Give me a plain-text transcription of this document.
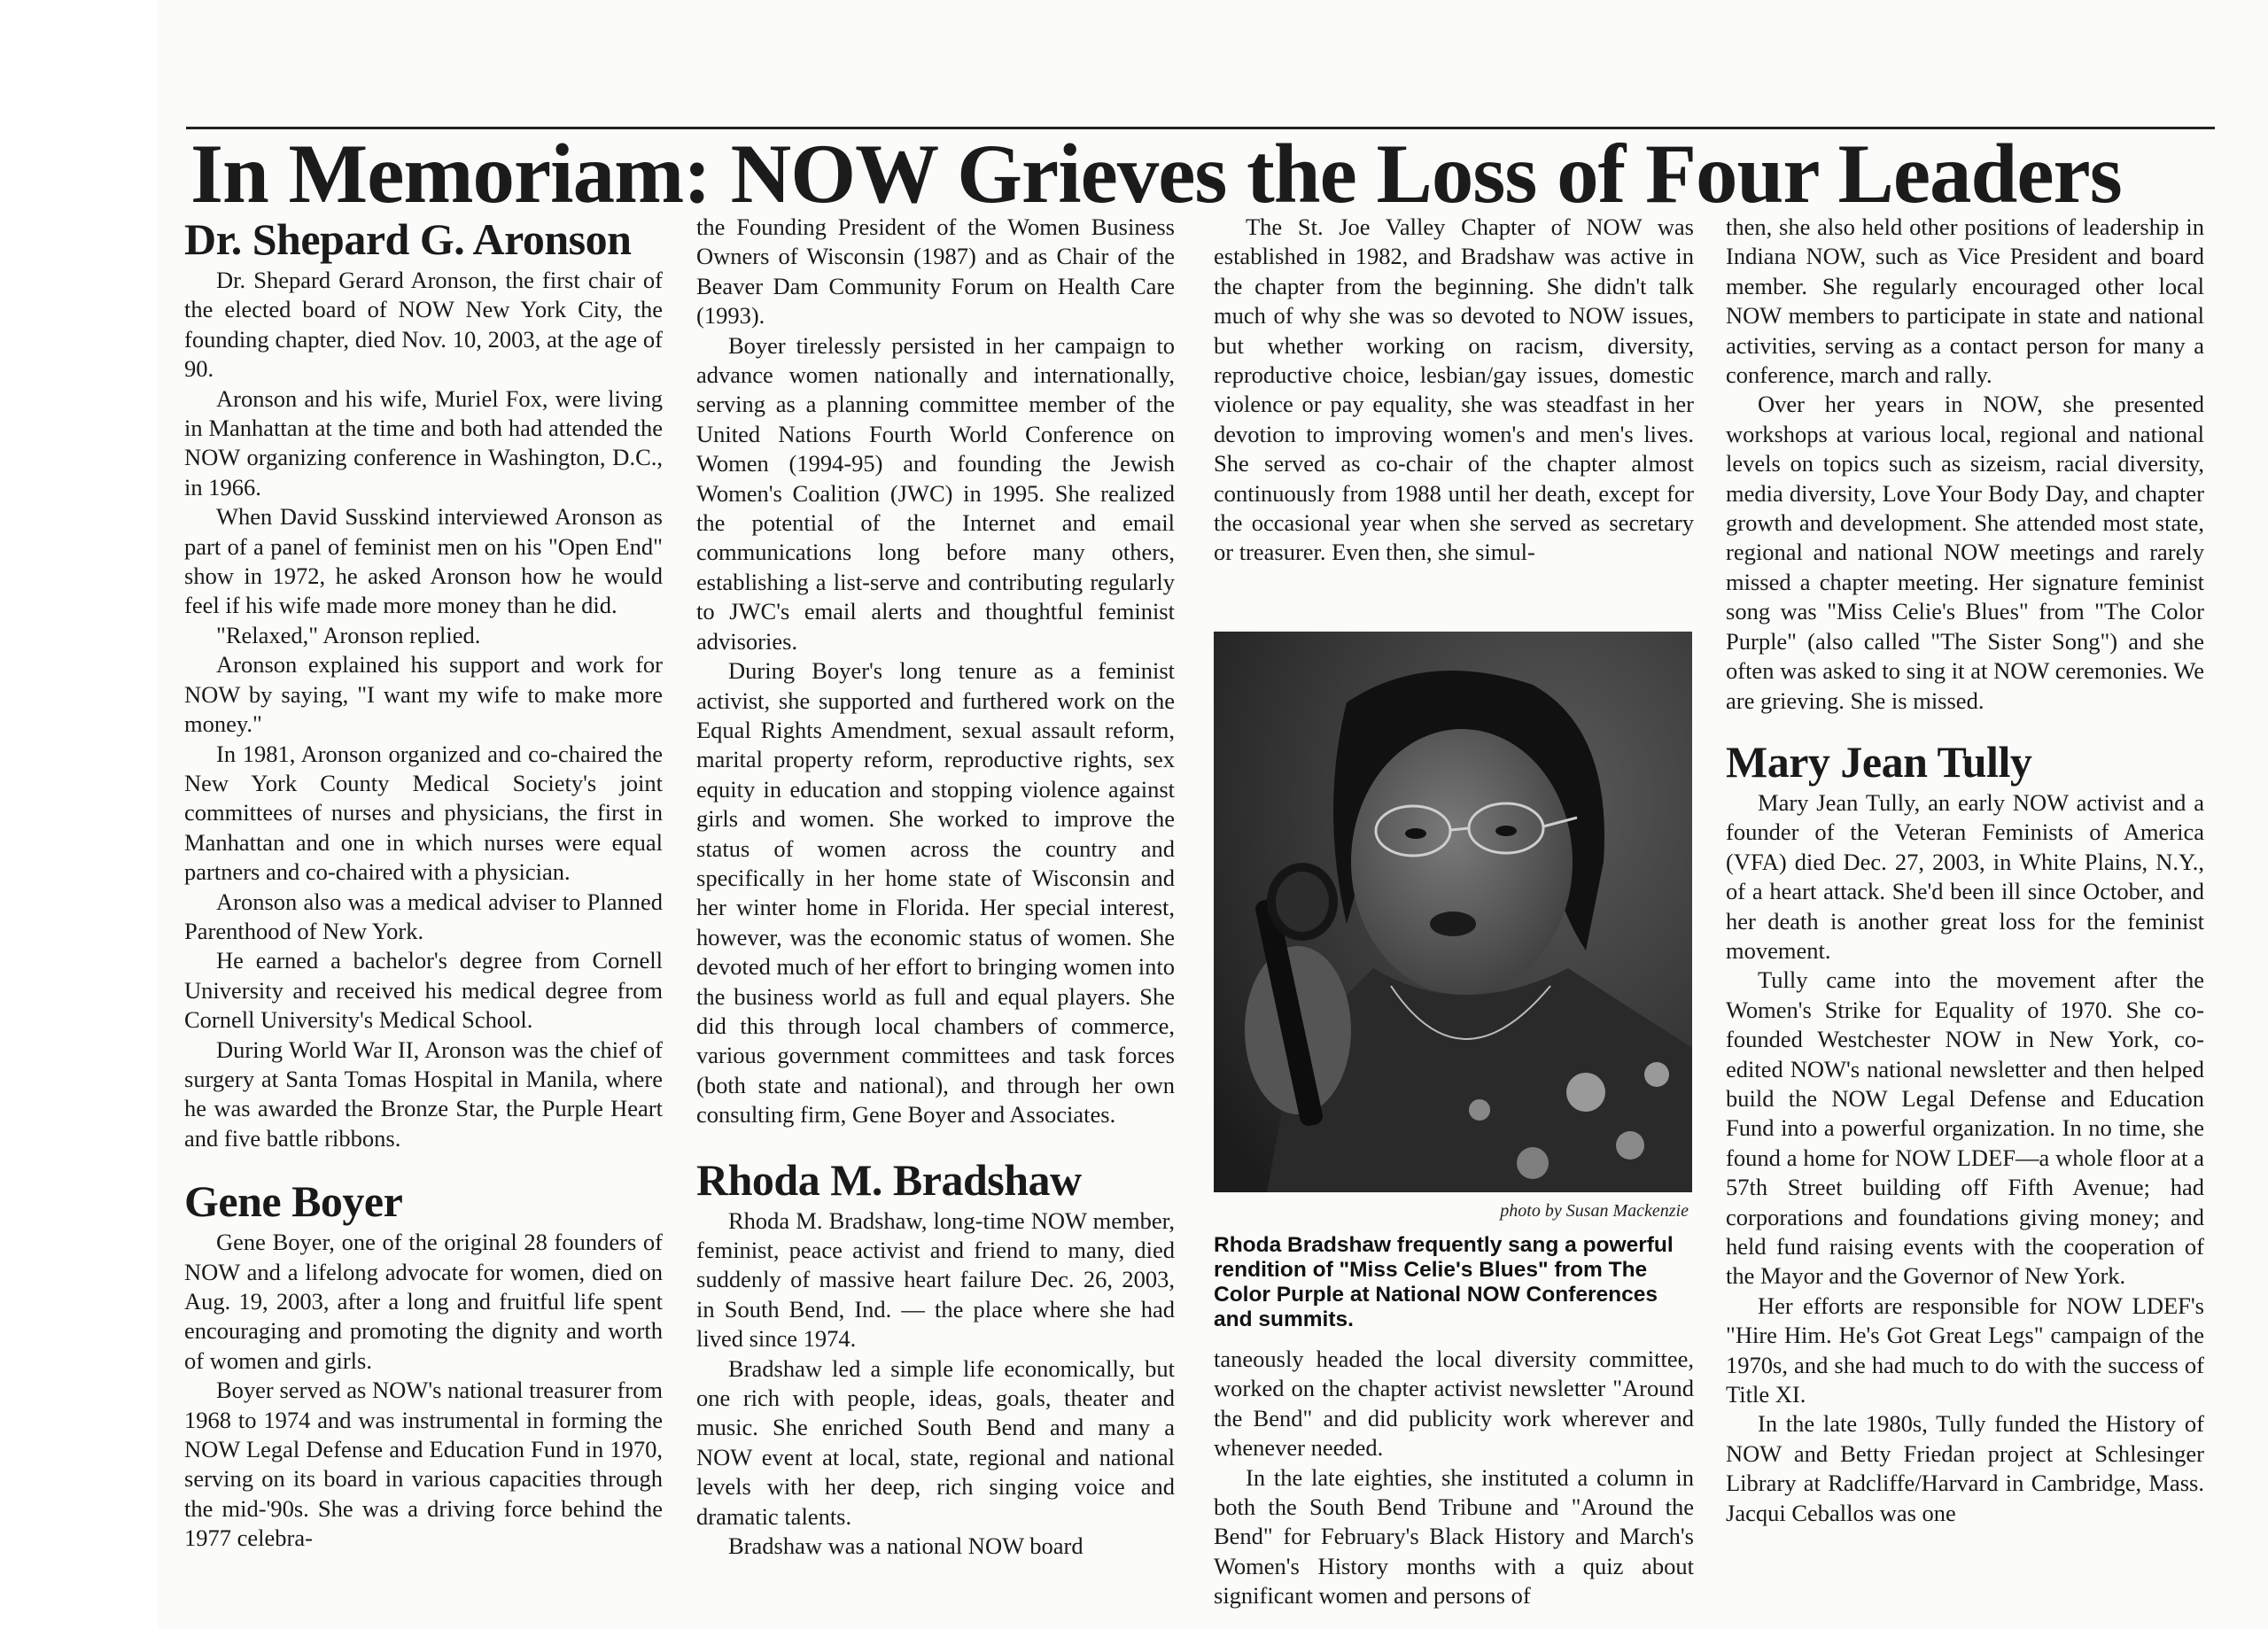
In Memoriam: NOW Grieves the Loss of Four Leaders
Dr. Shepard G. Aronson

Dr. Shepard Gerard Aronson, the first chair of the elected board of NOW New York City, the founding chapter, died Nov. 10, 2003, at the age of 90.

Aronson and his wife, Muriel Fox, were living in Manhattan at the time and both had attended the NOW organizing conference in Washington, D.C., in 1966.

When David Susskind interviewed Aronson as part of a panel of feminist men on his "Open End" show in 1972, he asked Aronson how he would feel if his wife made more money than he did.

"Relaxed," Aronson replied.

Aronson explained his support and work for NOW by saying, "I want my wife to make more money."

In 1981, Aronson organized and co-chaired the New York County Medical Society's joint committees of nurses and physicians, the first in Manhattan and one in which nurses were equal partners and co-chaired with a physician.

Aronson also was a medical adviser to Planned Parenthood of New York.

He earned a bachelor's degree from Cornell University and received his medical degree from Cornell University's Medical School.

During World War II, Aronson was the chief of surgery at Santa Tomas Hospital in Manila, where he was awarded the Bronze Star, the Purple Heart and five battle ribbons.

Gene Boyer

Gene Boyer, one of the original 28 founders of NOW and a lifelong advocate for women, died on Aug. 19, 2003, after a long and fruitful life spent encouraging and promoting the dignity and worth of women and girls.

Boyer served as NOW's national treasurer from 1968 to 1974 and was instrumental in forming the NOW Legal Defense and Education Fund in 1970, serving on its board in various capacities through the mid-'90s. She was a driving force behind the 1977 celebra-

the Founding President of the Women Business Owners of Wisconsin (1987) and as Chair of the Beaver Dam Community Forum on Health Care (1993).

Boyer tirelessly persisted in her campaign to advance women nationally and internationally, serving as a planning committee member of the United Nations Fourth World Conference on Women (1994-95) and founding the Jewish Women's Coalition (JWC) in 1995. She realized the potential of the Internet and email communications long before many others, establishing a list-serve and contributing regularly to JWC's email alerts and thoughtful feminist advisories.

During Boyer's long tenure as a feminist activist, she supported and furthered work on the Equal Rights Amendment, sexual assault reform, marital property reform, reproductive rights, sex equity in education and stopping violence against girls and women. She worked to improve the status of women across the country and specifically in her home state of Wisconsin and her winter home in Florida. Her special interest, however, was the economic status of women. She devoted much of her effort to bringing women into the business world as full and equal players. She did this through local chambers of commerce, various government committees and task forces (both state and national), and through her own consulting firm, Gene Boyer and Associates.

Rhoda M. Bradshaw

Rhoda M. Bradshaw, long-time NOW member, feminist, peace activist and friend to many, died suddenly of massive heart failure Dec. 26, 2003, in South Bend, Ind. — the place where she had lived since 1974.

Bradshaw led a simple life economically, but one rich with people, ideas, goals, theater and music. She enriched South Bend and many a NOW event at local, state, regional and national levels with her deep, rich singing voice and dramatic talents.

Bradshaw was a national NOW board

The St. Joe Valley Chapter of NOW was established in 1982, and Bradshaw was active in the chapter from the beginning. She didn't talk much of why she was so devoted to NOW issues, but whether working on racism, diversity, reproductive choice, lesbian/gay issues, domestic violence or pay equality, she was steadfast in her devotion to improving women's and men's lives. She served as co-chair of the chapter almost continuously from 1988 until her death, except for the occasional year when she served as secretary or treasurer. Even then, she simul-

photo by Susan Mackenzie

Rhoda Bradshaw frequently sang a powerful rendition of "Miss Celie's Blues" from The Color Purple at National NOW Conferences and summits.

taneously headed the local diversity committee, worked on the chapter activist newsletter "Around the Bend" and did publicity work wherever and whenever needed.

In the late eighties, she instituted a column in both the South Bend Tribune and "Around the Bend" for February's Black History and March's Women's History months with a quiz about significant women and persons of

then, she also held other positions of leadership in Indiana NOW, such as Vice President and board member. She regularly encouraged other local NOW members to participate in state and national activities, serving as a contact person for many a conference, march and rally.

Over her years in NOW, she presented workshops at various local, regional and national levels on topics such as sizeism, racial diversity, media diversity, Love Your Body Day, and chapter growth and development. She attended most state, regional and national NOW meetings and rarely missed a chapter meeting. Her signature feminist song was "Miss Celie's Blues" from "The Color Purple" (also called "The Sister Song") and she often was asked to sing it at NOW ceremonies. We are grieving. She is missed.

Mary Jean Tully

Mary Jean Tully, an early NOW activist and a founder of the Veteran Feminists of America (VFA) died Dec. 27, 2003, in White Plains, N.Y., of a heart attack. She'd been ill since October, and her death is another great loss for the feminist movement.

Tully came into the movement after the Women's Strike for Equality of 1970. She co-founded Westchester NOW in New York, co-edited NOW's national newsletter and then helped build the NOW Legal Defense and Education Fund into a powerful organization. In no time, she found a home for NOW LDEF—a whole floor at a 57th Street building off Fifth Avenue; had corporations and foundations giving money; and held fund raising events with the cooperation of the Mayor and the Governor of New York.

Her efforts are responsible for NOW LDEF's "Hire Him. He's Got Great Legs" campaign of the 1970s, and she had much to do with the success of Title XI.

In the late 1980s, Tully funded the History of NOW and Betty Friedan project at Schlesinger Library at Radcliffe/Harvard in Cambridge, Mass. Jacqui Ceballos was one
